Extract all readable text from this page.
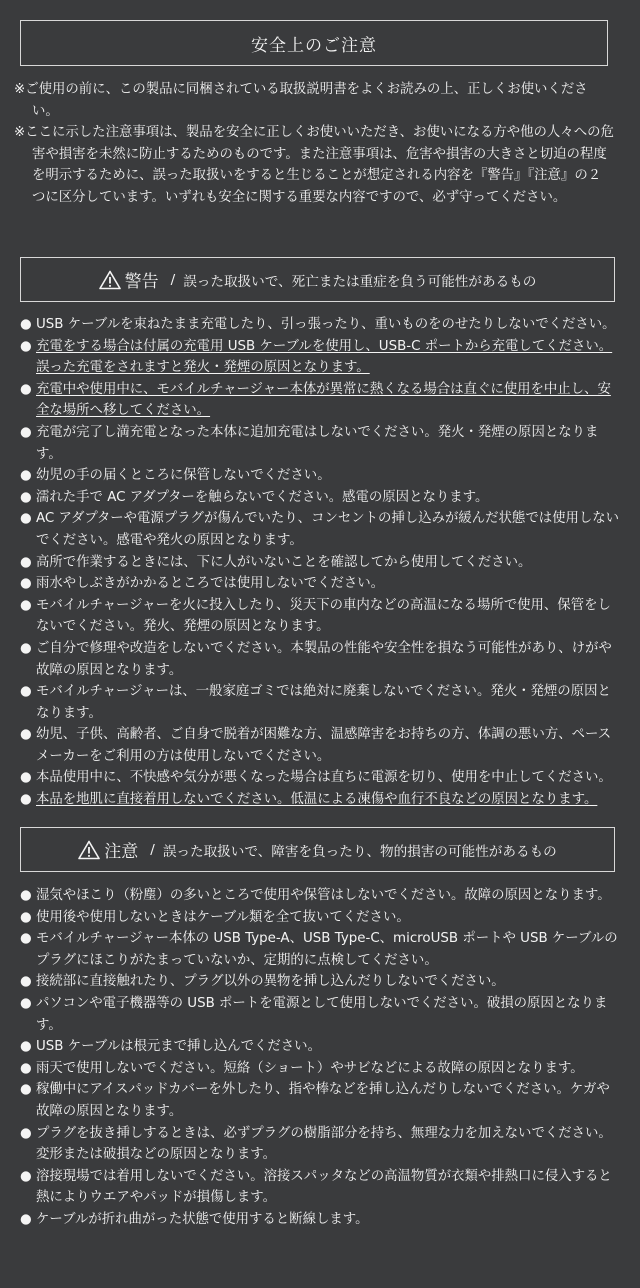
安全上のご注意

※ご使用の前に、この製品に同梱されている取扱説明書をよくお読みの上、正しくお使いください。

※ここに示した注意事項は、製品を安全に正しくお使いいただき、お使いになる方や他の人々への危害や損害を未然に防止するためのものです。また注意事項は、危害や損害の大きさと切迫の程度を明示するために、誤った取扱いをすると生じることが想定される内容を『警告』『注意』の２つに区分しています。いずれも安全に関する重要な内容ですので、必ず守ってください。

警告 / 誤った取扱いで、死亡または重症を負う可能性があるもの

● USB ケーブルを束ねたまま充電したり、引っ張ったり、重いものをのせたりしないでください。

● 充電をする場合は付属の充電用 USB ケーブルを使用し、USB-C ポートから充電してください。誤った充電をされますと発火・発煙の原因となります。

● 充電中や使用中に、モバイルチャージャー本体が異常に熱くなる場合は直ぐに使用を中止し、安全な場所へ移してください。

● 充電が完了し満充電となった本体に追加充電はしないでください。発火・発煙の原因となります。

● 幼児の手の届くところに保管しないでください。

● 濡れた手で AC アダプターを触らないでください。感電の原因となります。

● AC アダプターや電源プラグが傷んでいたり、コンセントの挿し込みが緩んだ状態では使用しないでください。感電や発火の原因となります。

● 高所で作業するときには、下に人がいないことを確認してから使用してください。

● 雨水やしぶきがかかるところでは使用しないでください。

● モバイルチャージャーを火に投入したり、災天下の車内などの高温になる場所で使用、保管をしないでください。発火、発煙の原因となります。

● ご自分で修理や改造をしないでください。本製品の性能や安全性を損なう可能性があり、けがや故障の原因となります。

● モバイルチャージャーは、一般家庭ゴミでは絶対に廃棄しないでください。発火・発煙の原因となります。

● 幼児、子供、高齢者、ご自身で脱着が困難な方、温感障害をお持ちの方、体調の悪い方、ペースメーカーをご利用の方は使用しないでください。

● 本品使用中に、不快感や気分が悪くなった場合は直ちに電源を切り、使用を中止してください。

● 本品を地肌に直接着用しないでください。低温による凍傷や血行不良などの原因となります。

注意 / 誤った取扱いで、障害を負ったり、物的損害の可能性があるもの

● 湿気やほこり（粉塵）の多いところで使用や保管はしないでください。故障の原因となります。

● 使用後や使用しないときはケーブル類を全て抜いてください。

● モバイルチャージャー本体の USB Type-A、USB Type-C、microUSB ポートや USB ケーブルのプラグにほこりがたまっていないか、定期的に点検してください。

● 接続部に直接触れたり、プラグ以外の異物を挿し込んだりしないでください。

● パソコンや電子機器等の USB ポートを電源として使用しないでください。破損の原因となります。

● USB ケーブルは根元まで挿し込んでください。

● 雨天で使用しないでください。短絡（ショート）やサビなどによる故障の原因となります。

● 稼働中にアイスパッドカバーを外したり、指や棒などを挿し込んだりしないでください。ケガや故障の原因となります。

● プラグを抜き挿しするときは、必ずプラグの樹脂部分を持ち、無理な力を加えないでください。変形または破損などの原因となります。

● 溶接現場では着用しないでください。溶接スパッタなどの高温物質が衣類や排熱口に侵入すると熱によりウエアやパッドが損傷します。

● ケーブルが折れ曲がった状態で使用すると断線します。
